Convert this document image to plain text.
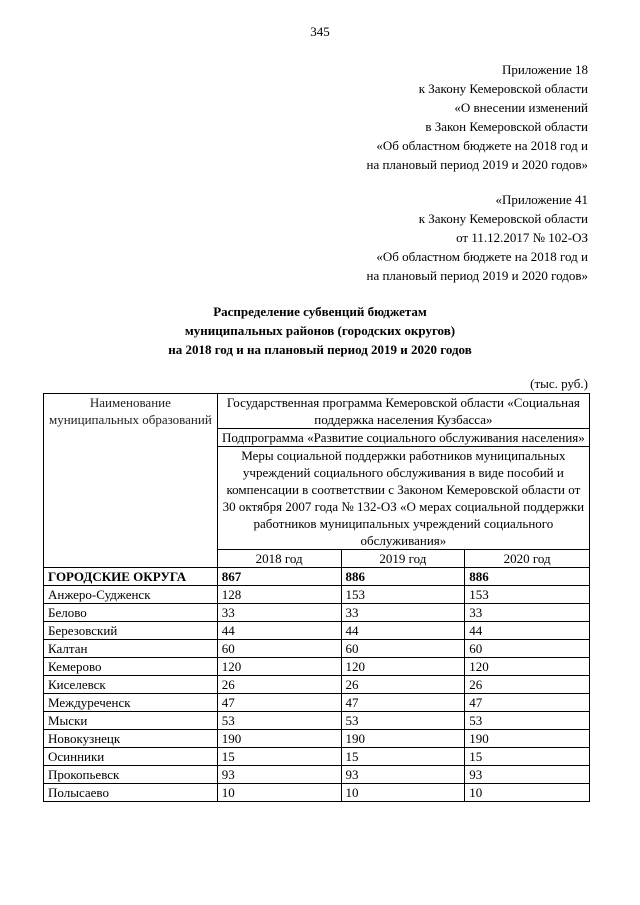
345
Приложение 18
к Закону Кемеровской области
«О внесении изменений
в Закон Кемеровской области
«Об областном бюджете на 2018 год и
на плановый период 2019 и 2020 годов»
«Приложение 41
к Закону Кемеровской области
от 11.12.2017 № 102-ОЗ
«Об областном бюджете на 2018 год и
на плановый период 2019 и 2020 годов»
Распределение субвенций бюджетам
муниципальных районов (городских округов)
на 2018 год и на плановый период 2019 и 2020 годов
(тыс. руб.)
Наименование муниципальных образований	Государственная программа Кемеровской области «Социальная поддержка населения Кузбасса»		
	Подпрограмма «Развитие социального обслуживания населения»		
	Меры социальной поддержки работников муниципальных учреждений социального обслуживания в виде пособий и компенсации в соответствии с Законом Кемеровской области от 30 октября 2007 года № 132-ОЗ «О мерах социальной поддержки работников муниципальных учреждений социального обслуживания»		
	2018 год	2019 год	2020 год
ГОРОДСКИЕ ОКРУГА	867	886	886
Анжеро-Судженск	128	153	153
Белово	33	33	33
Березовский	44	44	44
Калтан	60	60	60
Кемерово	120	120	120
Киселевск	26	26	26
Междуреченск	47	47	47
Мыски	53	53	53
Новокузнецк	190	190	190
Осинники	15	15	15
Прокопьевск	93	93	93
Полысаево	10	10	10
